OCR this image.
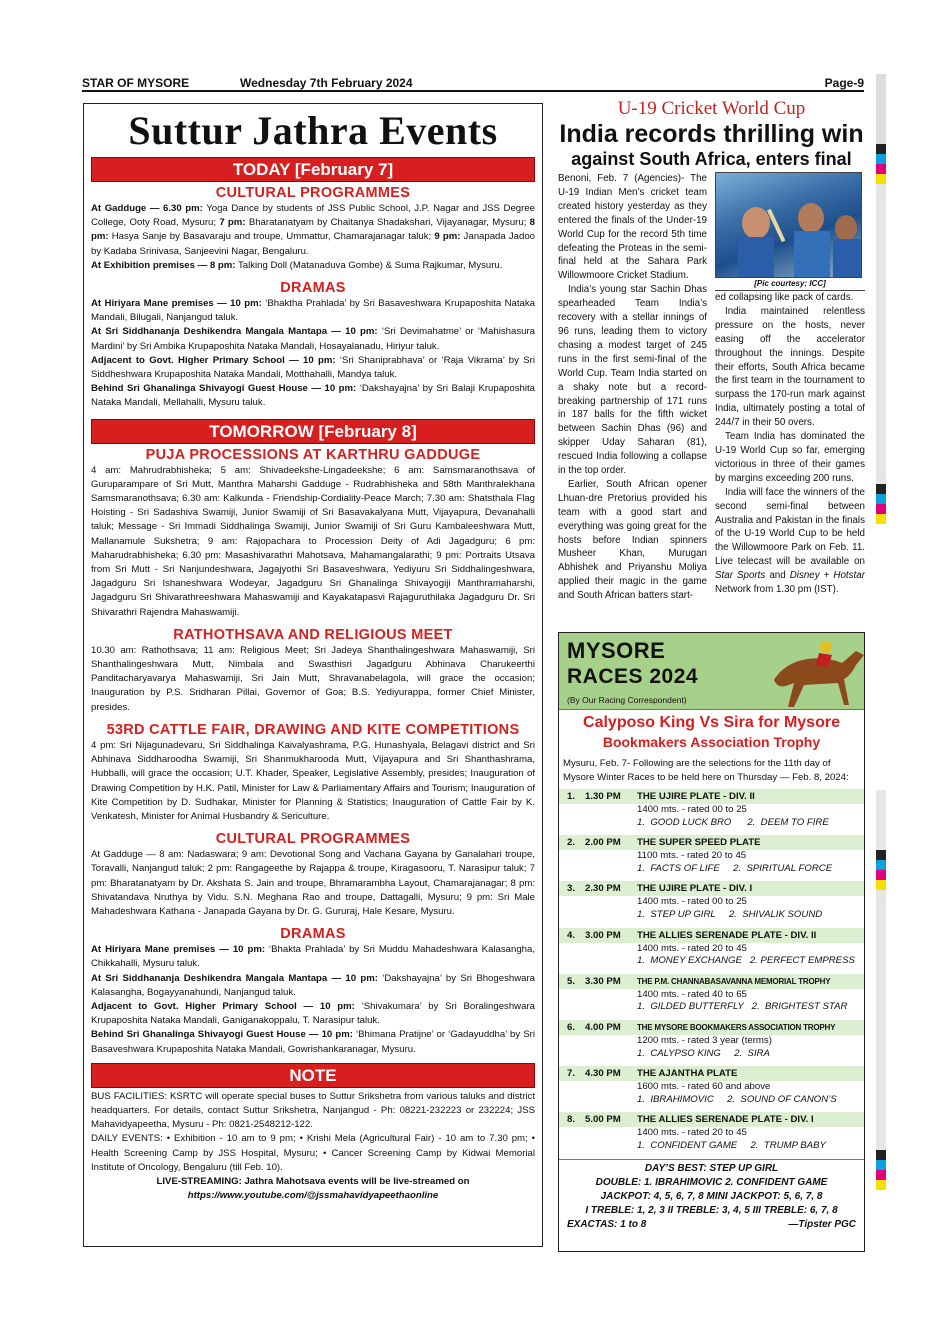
STAR OF MYSORE	Wednesday 7th February 2024	Page-9
Suttur Jathra Events
TODAY [February 7]
CULTURAL PROGRAMMES
At Gadduge — 6.30 pm: Yoga Dance by students of JSS Public School, J.P. Nagar and JSS Degree College, Ooty Road, Mysuru; 7 pm: Bharatanatyam by Chaitanya Shadakshari, Vijayanagar, Mysuru; 8 pm: Hasya Sanje by Basavaraju and troupe, Ummattur, Chamarajanagar taluk; 9 pm: Janapada Jadoo by Kadaba Srinivasa, Sanjeevini Nagar, Bengaluru.
At Exhibition premises — 8 pm: Talking Doll (Matanaduva Gombe) & Suma Rajkumar, Mysuru.
DRAMAS
At Hiriyara Mane premises — 10 pm: ‘Bhaktha Prahlada’ by Sri Basaveshwara Krupaposhita Nataka Mandali, Bilugali, Nanjangud taluk.
At Sri Siddhananja Deshikendra Mangala Mantapa — 10 pm: ‘Sri Devimahatme’ or ‘Mahishasura Mardini’ by Sri Ambika Krupaposhita Nataka Mandali, Hosayalanadu, Hiriyur taluk.
Adjacent to Govt. Higher Primary School — 10 pm: ‘Sri Shaniprabhava’ or ‘Raja Vikrama’ by Sri Siddheshwara Krupaposhita Nataka Mandali, Motthahalli, Mandya taluk.
Behind Sri Ghanalinga Shivayogi Guest House — 10 pm: ‘Dakshayajna’ by Sri Balaji Krupaposhita Nataka Mandali, Mellahalli, Mysuru taluk.
TOMORROW [February 8]
PUJA PROCESSIONS AT KARTHRU GADDUGE
4 am: Mahrudrabhisheka; 5 am: Shivadeekshe-Lingadeekshe; 6 am: Samsmaranothsava of Guruparampare of Sri Mutt, Manthra Maharshi Gadduge - Rudrabhisheka and 58th Manthralekhana Samsmaranothsava; 6.30 am: Kalkunda - Friendship-Cordiality-Peace March; 7.30 am: Shatsthala Flag Hoisting - Sri Sadashiva Swamiji, Junior Swamiji of Sri Basavakalyana Mutt, Vijayapura, Devanahalli taluk; Message - Sri Immadi Siddhalinga Swamiji, Junior Swamiji of Sri Guru Kambaleeshwara Mutt, Mallanamule Sukshetra; 9 am: Rajopachara to Procession Deity of Adi Jagadguru; 6 pm: Maharudrabhisheka; 6.30 pm: Masashivarathri Mahotsava, Mahamangalarathi; 9 pm: Portraits Utsava from Sri Mutt - Sri Nanjundeshwara, Jagajyothi Sri Basaveshwara, Yediyuru Sri Siddhalingeshwara, Jagadguru Sri Ishaneshwara Wodeyar, Jagadguru Sri Ghanalinga Shivayogiji Manthramaharshi, Jagadguru Sri Shivarathreeshwara Mahaswamiji and Kayakatapasvi Rajaguruthilaka Jagadguru Dr. Sri Shivarathri Rajendra Mahaswamiji.
RATHOTHSAVA AND RELIGIOUS MEET
10.30 am: Rathothsava; 11 am: Religious Meet; Sri Jadeya Shanthalingeshwara Mahaswamiji, Sri Shanthalingeshwara Mutt, Nimbala and Swasthisri Jagadguru Abhinava Charukeerthi Panditacharyavarya Mahaswamiji, Sri Jain Mutt, Shravanabelagola, will grace the occasion; Inauguration by P.S. Sridharan Pillai, Governor of Goa; B.S. Yediyurappa, former Chief Minister, presides.
53RD CATTLE FAIR, DRAWING AND KITE COMPETITIONS
4 pm: Sri Nijagunadevaru, Sri Siddhalinga Kaivalyashrama, P.G. Hunashyala, Belagavi district and Sri Abhinava Siddharoodha Swamiji, Sri Shanmukharooda Mutt, Vijayapura and Sri Shanthashrama, Hubballi, will grace the occasion; U.T. Khader, Speaker, Legislative Assembly, presides; Inauguration of Drawing Competition by H.K. Patil, Minister for Law & Parliamentary Affairs and Tourism; Inauguration of Kite Competition by D. Sudhakar, Minister for Planning & Statistics; Inauguration of Cattle Fair by K. Venkatesh, Minister for Animal Husbandry & Sericulture.
CULTURAL PROGRAMMES
At Gadduge — 8 am: Nadaswara; 9 am: Devotional Song and Vachana Gayana by Ganalahari troupe, Toravalli, Nanjangud taluk; 2 pm: Rangageethe by Rajappa & troupe, Kiragasooru, T. Narasipur taluk; 7 pm: Bharatanatyam by Dr. Akshata S. Jain and troupe, Bhramarambha Layout, Chamarajanagar; 8 pm: Shivatandava Nruthya by Vidu. S.N. Meghana Rao and troupe, Dattagalli, Mysuru; 9 pm: Sri Male Mahadeshwara Kathana - Janapada Gayana by Dr. G. Gururaj, Hale Kesare, Mysuru.
DRAMAS
At Hiriyara Mane premises — 10 pm: ‘Bhakta Prahlada’ by Sri Muddu Mahadeshwara Kalasangha, Chikkahalli, Mysuru taluk.
At Sri Siddhananja Deshikendra Mangala Mantapa — 10 pm: ‘Dakshayajna’ by Sri Bhogeshwara Kalasangha, Bogayyanahundi, Nanjangud taluk.
Adjacent to Govt. Higher Primary School — 10 pm: ‘Shivakumara’ by Sri Boralingeshwara Krupaposhita Nataka Mandali, Ganiganakoppalu, T. Narasipur taluk.
Behind Sri Ghanalinga Shivayogi Guest House — 10 pm: ‘Bhimana Pratijne’ or ‘Gadayuddha’ by Sri Basaveshwara Krupaposhita Nataka Mandali, Gowrishankaranagar, Mysuru.
NOTE
BUS FACILITIES: KSRTC will operate special buses to Suttur Srikshetra from various taluks and district headquarters. For details, contact Suttur Srikshetra, Nanjangud - Ph: 08221-232223 or 232224; JSS Mahavidyapeetha, Mysuru - Ph: 0821-2548212-122.
DAILY EVENTS: • Exhibition - 10 am to 9 pm; • Krishi Mela (Agricultural Fair) - 10 am to 7.30 pm; • Health Screening Camp by JSS Hospital, Mysuru; • Cancer Screening Camp by Kidwai Memorial Institute of Oncology, Bengaluru (till Feb. 10).
LIVE-STREAMING: Jathra Mahotsava events will be live-streamed on
https://www.youtube.com/@jssmahavidyapeethaonline
U-19 Cricket World Cup
India records thrilling win
against South Africa, enters final
Benoni, Feb. 7 (Agencies)- The U-19 Indian Men’s cricket team created history yesterday as they entered the finals of the Under-19 World Cup for the record 5th time defeating the Proteas in the semi-final held at the Sahara Park Willowmoore Cricket Stadium.
India’s young star Sachin Dhas spearheaded Team India’s recovery with a stellar innings of 96 runs, leading them to victory chasing a modest target of 245 runs in the first semi-final of the World Cup. Team India started on a shaky note but a record-breaking partnership of 171 runs in 187 balls for the fifth wicket between Sachin Dhas (96) and skipper Uday Saharan (81), rescued India following a collapse in the top order.
Earlier, South African opener Lhuan-dre Pretorius provided his team with a good start and everything was going great for the hosts before Indian spinners Musheer Khan, Murugan Abhishek and Priyanshu Moliya applied their magic in the game and South African batters start-
[Pic courtesy: ICC]
ed collapsing like pack of cards.
India maintained relentless pressure on the hosts, never easing off the accelerator throughout the innings. Despite their efforts, South Africa became the first team in the tournament to surpass the 170-run mark against India, ultimately posting a total of 244/7 in their 50 overs.
Team India has dominated the U-19 World Cup so far, emerging victorious in three of their games by margins exceeding 200 runs.
India will face the winners of the second semi-final between Australia and Pakistan in the finals of the U-19 World Cup to be held the Willowmoore Park on Feb. 11. Live telecast will be available on Star Sports and Disney + Hotstar Network from 1.30 pm (IST).
MYSORE
RACES 2024
(By Our Racing Correspondent)
Calyposo King Vs Sira for Mysore
Bookmakers Association Trophy
Mysuru, Feb. 7- Following are the selections for the 11th day of Mysore Winter Races to be held here on Thursday — Feb. 8, 2024:
1. 1.30 PM THE UJIRE PLATE - DIV. II
1400 mts. - rated 00 to 25
1.  GOOD LUCK BRO      2.  DEEM TO FIRE
2. 2.00 PM THE SUPER SPEED PLATE
1100 mts. - rated 20 to 45
1.  FACTS OF LIFE     2.  SPIRITUAL FORCE
3. 2.30 PM THE UJIRE PLATE - DIV. I
1400 mts. - rated 00 to 25
1.  STEP UP GIRL     2.  SHIVALIK SOUND
4. 3.00 PM THE ALLIES SERENADE PLATE - DIV. II
1400 mts. - rated 20 to 45
1.  MONEY EXCHANGE   2. PERFECT EMPRESS
5. 3.30 PM THE P.M. CHANNABASAVANNA MEMORIAL TROPHY
1400 mts. - rated 40 to 65
1.  GILDED BUTTERFLY   2.  BRIGHTEST STAR
6. 4.00 PM THE MYSORE BOOKMAKERS ASSOCIATION TROPHY
1200 mts. - rated 3 year (terms)
1.  CALYPSO KING     2.  SIRA
7. 4.30 PM THE AJANTHA PLATE
1600 mts. - rated 60 and above
1.  IBRAHIMOVIC     2.  SOUND OF CANON’S
8. 5.00 PM THE ALLIES SERENADE PLATE - DIV. I
1400 mts. - rated 20 to 45
1.  CONFIDENT GAME     2.  TRUMP BABY
DAY’S BEST: STEP UP GIRL
DOUBLE: 1. IBRAHIMOVIC 2. CONFIDENT GAME
JACKPOT: 4, 5, 6, 7, 8 MINI JACKPOT: 5, 6, 7, 8
I TREBLE: 1, 2, 3 II TREBLE: 3, 4, 5 III TREBLE: 6, 7, 8
EXACTAS: 1 to 8	—Tipster PGC
